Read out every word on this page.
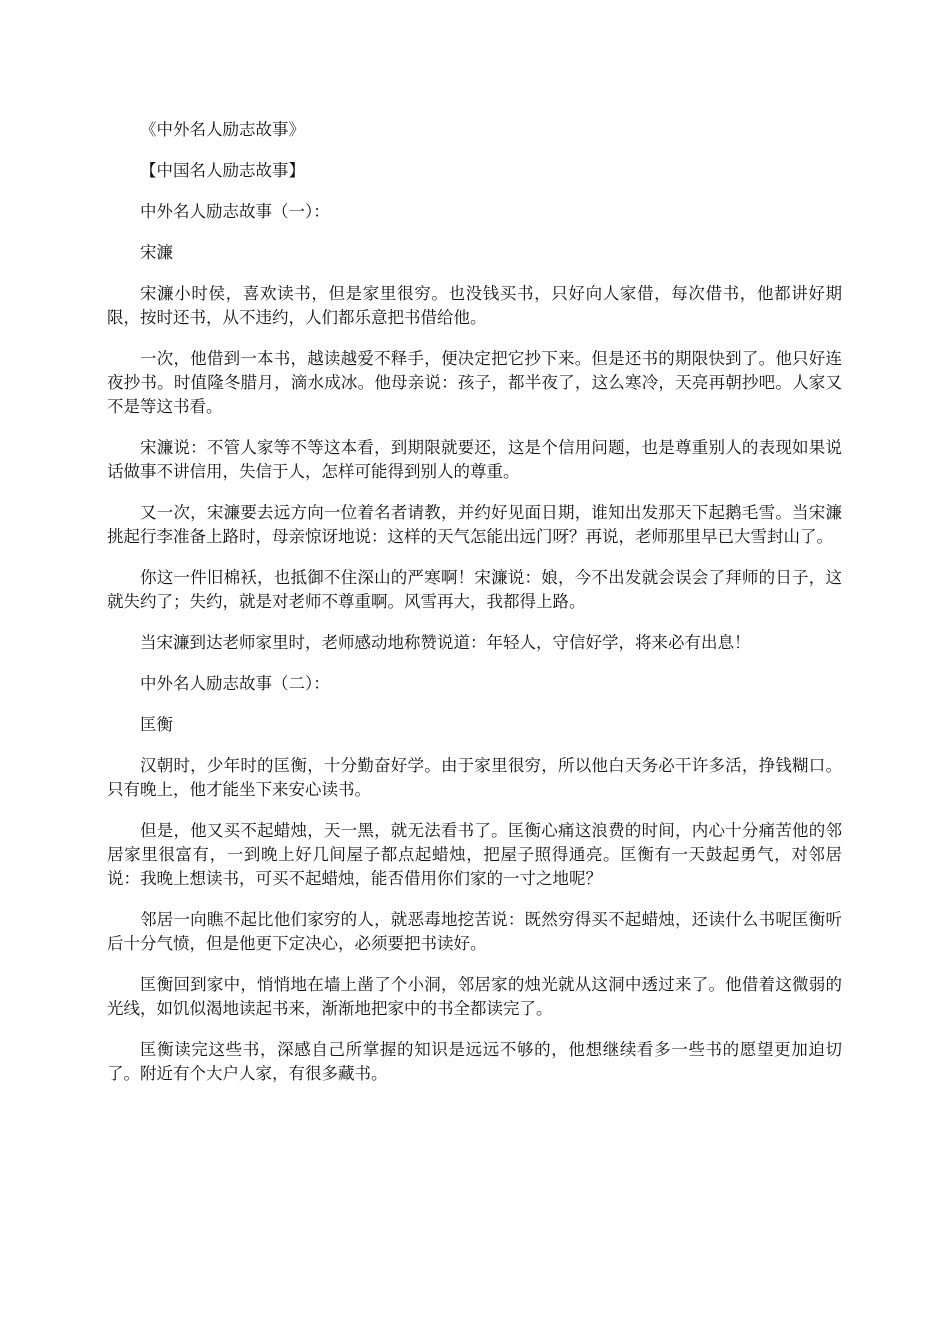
《中外名人励志故事》

【中国名人励志故事】

中外名人励志故事（一）：

宋濂

宋濂小时侯，喜欢读书，但是家里很穷。也没钱买书，只好向人家借，每次借书，他都讲好期限，按时还书，从不违约，人们都乐意把书借给他。

一次，他借到一本书，越读越爱不释手，便决定把它抄下来。但是还书的期限快到了。他只好连夜抄书。时值隆冬腊月，滴水成冰。他母亲说：孩子，都半夜了，这么寒冷，天亮再朝抄吧。人家又不是等这书看。

宋濂说：不管人家等不等这本看，到期限就要还，这是个信用问题，也是尊重别人的表现如果说话做事不讲信用，失信于人，怎样可能得到别人的尊重。

又一次，宋濂要去远方向一位着名者请教，并约好见面日期，谁知出发那天下起鹅毛雪。当宋濂挑起行李准备上路时，母亲惊讶地说：这样的天气怎能出远门呀？再说，老师那里早已大雪封山了。

你这一件旧棉袄，也抵御不住深山的严寒啊！宋濂说：娘，今不出发就会误会了拜师的日子，这就失约了；失约，就是对老师不尊重啊。风雪再大，我都得上路。

当宋濂到达老师家里时，老师感动地称赞说道：年轻人，守信好学，将来必有出息！

中外名人励志故事（二）：

匡衡

汉朝时，少年时的匡衡，十分勤奋好学。由于家里很穷，所以他白天务必干许多活，挣钱糊口。只有晚上，他才能坐下来安心读书。

但是，他又买不起蜡烛，天一黑，就无法看书了。匡衡心痛这浪费的时间，内心十分痛苦他的邻居家里很富有，一到晚上好几间屋子都点起蜡烛，把屋子照得通亮。匡衡有一天鼓起勇气，对邻居说：我晚上想读书，可买不起蜡烛，能否借用你们家的一寸之地呢？

邻居一向瞧不起比他们家穷的人，就恶毒地挖苦说：既然穷得买不起蜡烛，还读什么书呢匡衡听后十分气愤，但是他更下定决心，必须要把书读好。

匡衡回到家中，悄悄地在墙上凿了个小洞，邻居家的烛光就从这洞中透过来了。他借着这微弱的光线，如饥似渴地读起书来，渐渐地把家中的书全都读完了。

匡衡读完这些书，深感自己所掌握的知识是远远不够的，他想继续看多一些书的愿望更加迫切了。附近有个大户人家，有很多藏书。
